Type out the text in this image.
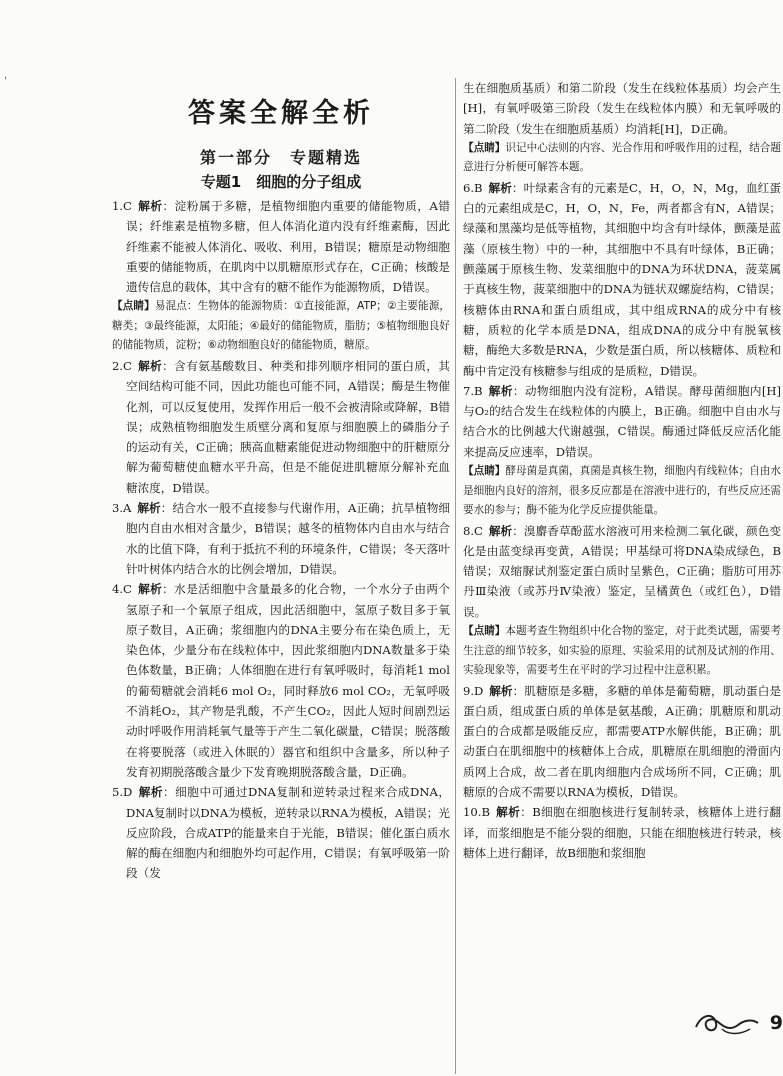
'
答案全解全析
第一部分　专题精选
专题1　细胞的分子组成

1.C  解析：淀粉属于多糖，是植物细胞内重要的储能物质，A错误；纤维素是植物多糖，但人体消化道内没有纤维素酶，因此纤维素不能被人体消化、吸收、利用，B错误；糖原是动物细胞重要的储能物质，在肌肉中以肌糖原形式存在，C正确；核酸是遗传信息的载体，其中含有的糖不能作为能源物质，D错误。

【点睛】易混点：生物体的能源物质：①直接能源，ATP；②主要能源，糖类；③最终能源，太阳能；④最好的储能物质，脂肪；⑤植物细胞良好的储能物质，淀粉；⑥动物细胞良好的储能物质，糖原。

2.C  解析：含有氨基酸数目、种类和排列顺序相同的蛋白质，其空间结构可能不同，因此功能也可能不同，A错误；酶是生物催化剂，可以反复使用，发挥作用后一般不会被清除或降解，B错误；成熟植物细胞发生质壁分离和复原与细胞膜上的磷脂分子的运动有关，C正确；胰高血糖素能促进动物细胞中的肝糖原分解为葡萄糖使血糖水平升高，但是不能促进肌糖原分解补充血糖浓度，D错误。

3.A  解析：结合水一般不直接参与代谢作用，A正确；抗旱植物细胞内自由水相对含量少，B错误；越冬的植物体内自由水与结合水的比值下降，有利于抵抗不利的环境条件，C错误；冬天落叶针叶树体内结合水的比例会增加，D错误。

4.C  解析：水是活细胞中含量最多的化合物，一个水分子由两个氢原子和一个氧原子组成，因此活细胞中，氢原子数目多于氧原子数目，A正确；浆细胞内的DNA主要分布在染色质上，无染色体，少量分布在线粒体中，因此浆细胞内DNA数量多于染色体数量，B正确；人体细胞在进行有氧呼吸时，每消耗1 mol的葡萄糖就会消耗6 mol O₂，同时释放6 mol CO₂，无氧呼吸不消耗O₂，其产物是乳酸，不产生CO₂，因此人短时间剧烈运动时呼吸作用消耗氧气量等于产生二氧化碳量，C错误；脱落酸在将要脱落（或进入休眠的）器官和组织中含量多，所以种子发育初期脱落酸含量少下发育晚期脱落酸含量，D正确。

5.D  解析：细胞中可通过DNA复制和逆转录过程来合成DNA，DNA复制时以DNA为模板，逆转录以RNA为模板，A错误；光反应阶段，合成ATP的能量来自于光能，B错误；催化蛋白质水解的酶在细胞内和细胞外均可起作用，C错误；有氧呼吸第一阶段（发

生在细胞质基质）和第二阶段（发生在线粒体基质）均会产生[H]，有氧呼吸第三阶段（发生在线粒体内膜）和无氧呼吸的第二阶段（发生在细胞质基质）均消耗[H]，D正确。

【点睛】识记中心法则的内容、光合作用和呼吸作用的过程，结合题意进行分析便可解答本题。

6.B  解析：叶绿素含有的元素是C，H，O，N，Mg，血红蛋白的元素组成是C，H，O，N，Fe，两者都含有N，A错误；绿藻和黑藻均是低等植物，其细胞中均含有叶绿体，颤藻是蓝藻（原核生物）中的一种，其细胞中不具有叶绿体，B正确；颤藻属于原核生物、发菜细胞中的DNA为环状DNA，菠菜属于真核生物，菠菜细胞中的DNA为链状双螺旋结构，C错误；核糖体由RNA和蛋白质组成，其中组成RNA的成分中有核糖，质粒的化学本质是DNA，组成DNA的成分中有脱氧核糖，酶绝大多数是RNA，少数是蛋白质，所以核糖体、质粒和酶中肯定没有核糖参与组成的是质粒，D错误。

7.B  解析：动物细胞内没有淀粉，A错误。酵母菌细胞内[H]与O₂的结合发生在线粒体的内膜上，B正确。细胞中自由水与结合水的比例越大代谢越强，C错误。酶通过降低反应活化能来提高反应速率，D错误。

【点睛】酵母菌是真菌，真菌是真核生物，细胞内有线粒体；自由水是细胞内良好的溶剂，很多反应都是在溶液中进行的，有些反应还需要水的参与；酶不能为化学反应提供能量。

8.C  解析：溴麝香草酚蓝水溶液可用来检测二氧化碳，颜色变化是由蓝变绿再变黄，A错误；甲基绿可将DNA染成绿色，B错误；双缩脲试剂鉴定蛋白质时呈紫色，C正确；脂肪可用苏丹Ⅲ染液（或苏丹Ⅳ染液）鉴定，呈橘黄色（或红色），D错误。

【点睛】本题考查生物组织中化合物的鉴定，对于此类试题，需要考生注意的细节较多，如实验的原理、实验采用的试剂及试剂的作用、实验现象等，需要考生在平时的学习过程中注意积累。

9.D  解析：肌糖原是多糖，多糖的单体是葡萄糖，肌动蛋白是蛋白质，组成蛋白质的单体是氨基酸，A正确；肌糖原和肌动蛋白的合成都是吸能反应，都需要ATP水解供能，B正确；肌动蛋白在肌细胞中的核糖体上合成，肌糖原在肌细胞的滑面内质网上合成，故二者在肌肉细胞内合成场所不同，C正确；肌糖原的合成不需要以RNA为模板，D错误。

10.B  解析：B细胞在细胞核进行复制转录，核糖体上进行翻译，而浆细胞是不能分裂的细胞，只能在细胞核进行转录，核糖体上进行翻译，故B细胞和浆细胞

9
